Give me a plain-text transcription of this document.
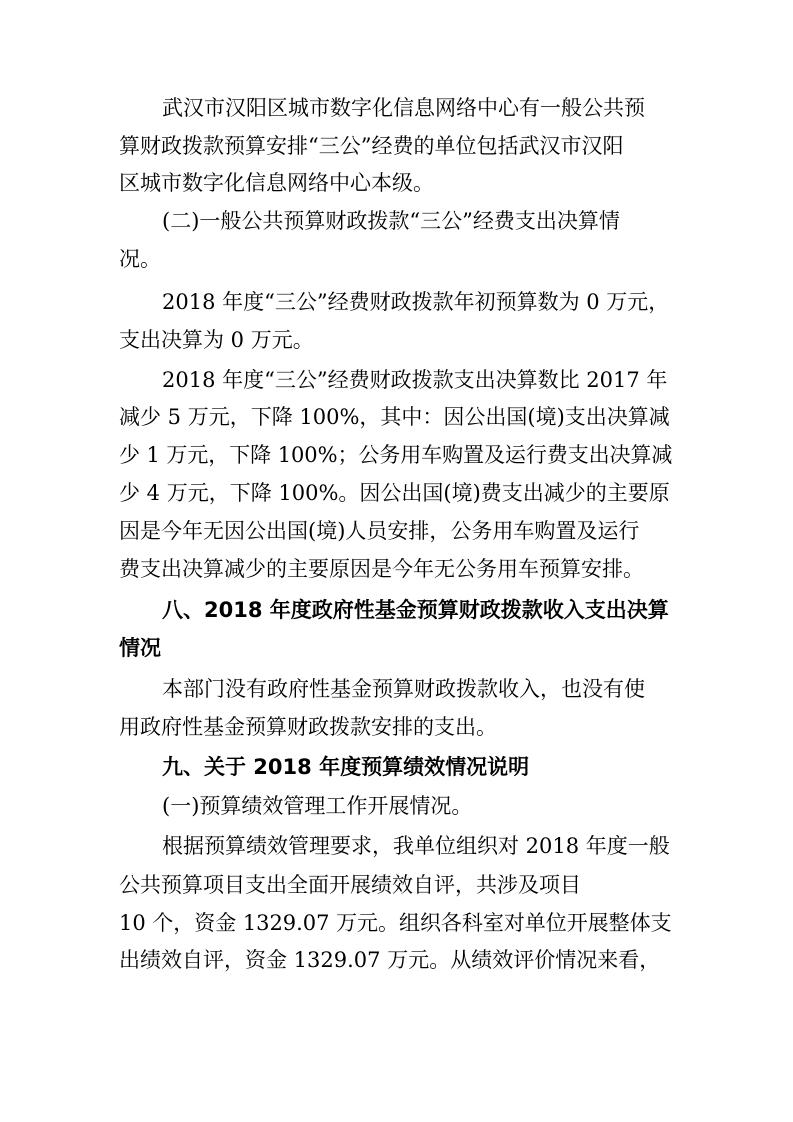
武汉市汉阳区城市数字化信息网络中心有一般公共预
算财政拨款预算安排“三公”经费的单位包括武汉市汉阳
区城市数字化信息网络中心本级。
(二)一般公共预算财政拨款“三公”经费支出决算情
况。
2018 年度“三公”经费财政拨款年初预算数为 0 万元，
支出决算为 0 万元。
2018 年度“三公”经费财政拨款支出决算数比 2017 年
减少 5 万元，下降 100%，其中：因公出国(境)支出决算减
少 1 万元，下降 100%；公务用车购置及运行费支出决算减
少 4 万元，下降 100%。因公出国(境)费支出减少的主要原
因是今年无因公出国(境)人员安排，公务用车购置及运行
费支出决算减少的主要原因是今年无公务用车预算安排。
八、2018 年度政府性基金预算财政拨款收入支出决算
情况
本部门没有政府性基金预算财政拨款收入，也没有使
用政府性基金预算财政拨款安排的支出。
九、关于 2018 年度预算绩效情况说明
(一)预算绩效管理工作开展情况。
根据预算绩效管理要求，我单位组织对 2018 年度一般
公共预算项目支出全面开展绩效自评，共涉及项目
10 个，资金 1329.07 万元。组织各科室对单位开展整体支
出绩效自评，资金 1329.07 万元。从绩效评价情况来看，
